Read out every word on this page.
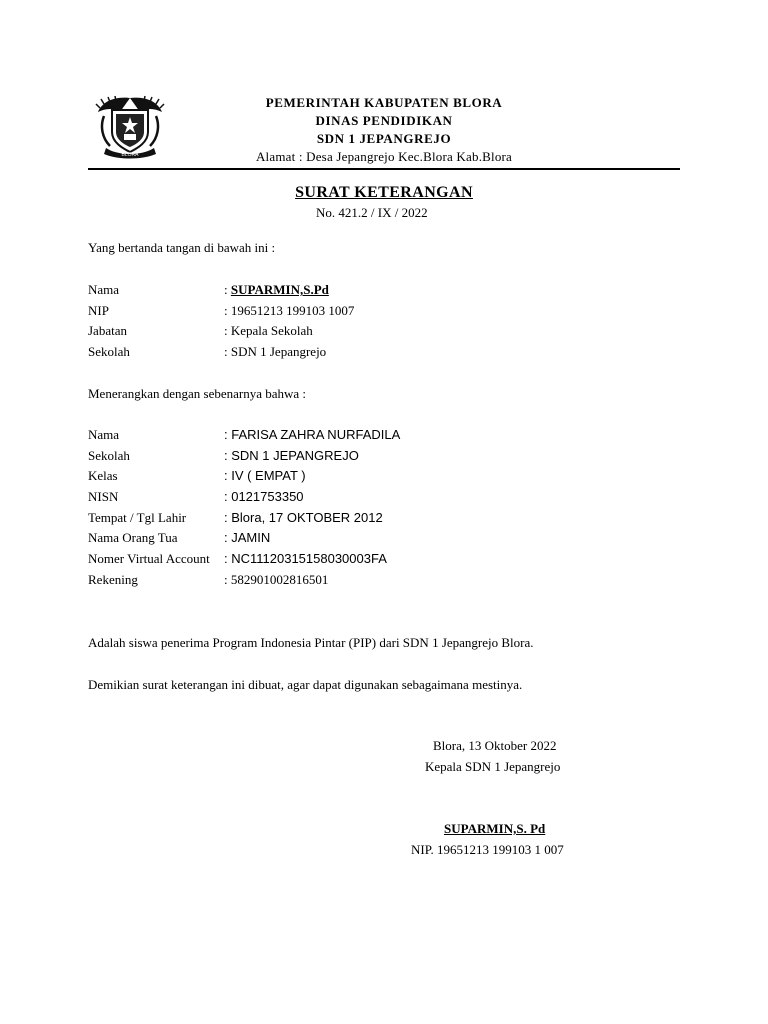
BLORA
PEMERINTAH KABUPATEN BLORA
DINAS PENDIDIKAN
SDN 1 JEPANGREJO
Alamat : Desa Jepangrejo Kec.Blora Kab.Blora
SURAT KETERANGAN
No. 421.2 / IX / 2022
Yang bertanda tangan di bawah ini :
Nama	: SUPARMIN,S.Pd
NIP	: 19651213 199103 1007
Jabatan	: Kepala Sekolah
Sekolah	: SDN 1 Jepangrejo
Menerangkan dengan sebenarnya bahwa :
Nama	: FARISA ZAHRA NURFADILA
Sekolah	: SDN 1 JEPANGREJO
Kelas	: IV ( EMPAT )
NISN	: 0121753350
Tempat / Tgl Lahir	: Blora, 17 OKTOBER 2012
Nama Orang Tua	: JAMIN
Nomer Virtual Account : NC11120315158030003FA
Rekening	: 582901002816501
Adalah siswa penerima Program Indonesia Pintar (PIP) dari SDN 1 Jepangrejo Blora.
Demikian surat keterangan ini dibuat, agar dapat digunakan sebagaimana mestinya.
Blora, 13 Oktober 2022
Kepala SDN 1 Jepangrejo
SUPARMIN,S. Pd
NIP. 19651213 199103 1 007
